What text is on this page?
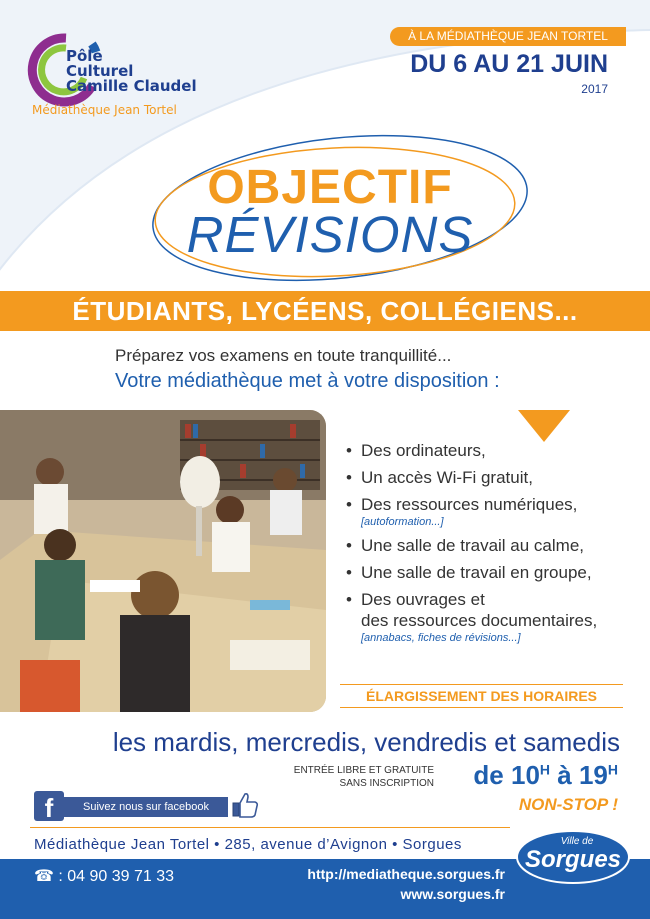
Pôle
Culturel
Camille Claudel
Médiathèque Jean Tortel
À LA MÉDIATHÈQUE JEAN TORTEL
DU 6 AU 21 JUIN
2017
OBJECTIF
RÉVISIONS
ÉTUDIANTS, LYCÉENS, COLLÉGIENS...
Préparez vos examens en toute tranquillité...
Votre médiathèque met à votre disposition :
• Des ordinateurs,
• Un accès Wi-Fi gratuit,
• Des ressources numériques,
[autoformation...]
• Une salle de travail au calme,
• Une salle de travail en groupe,
• Des ouvrages et
des ressources documentaires,
[annabacs, fiches de révisions...]
ÉLARGISSEMENT DES HORAIRES
les mardis, mercredis, vendredis et samedis
ENTRÉE LIBRE ET GRATUITE
SANS INSCRIPTION	de $10^H$ à $19^H$
NON-STOP !
f	Suivez nous sur facebook
Médiathèque Jean Tortel • 285, avenue d’Avignon • Sorgues
☎ : 04 90 39 71 33	http://mediatheque.sorgues.fr
www.sorgues.fr
Ville de
Sorgues
